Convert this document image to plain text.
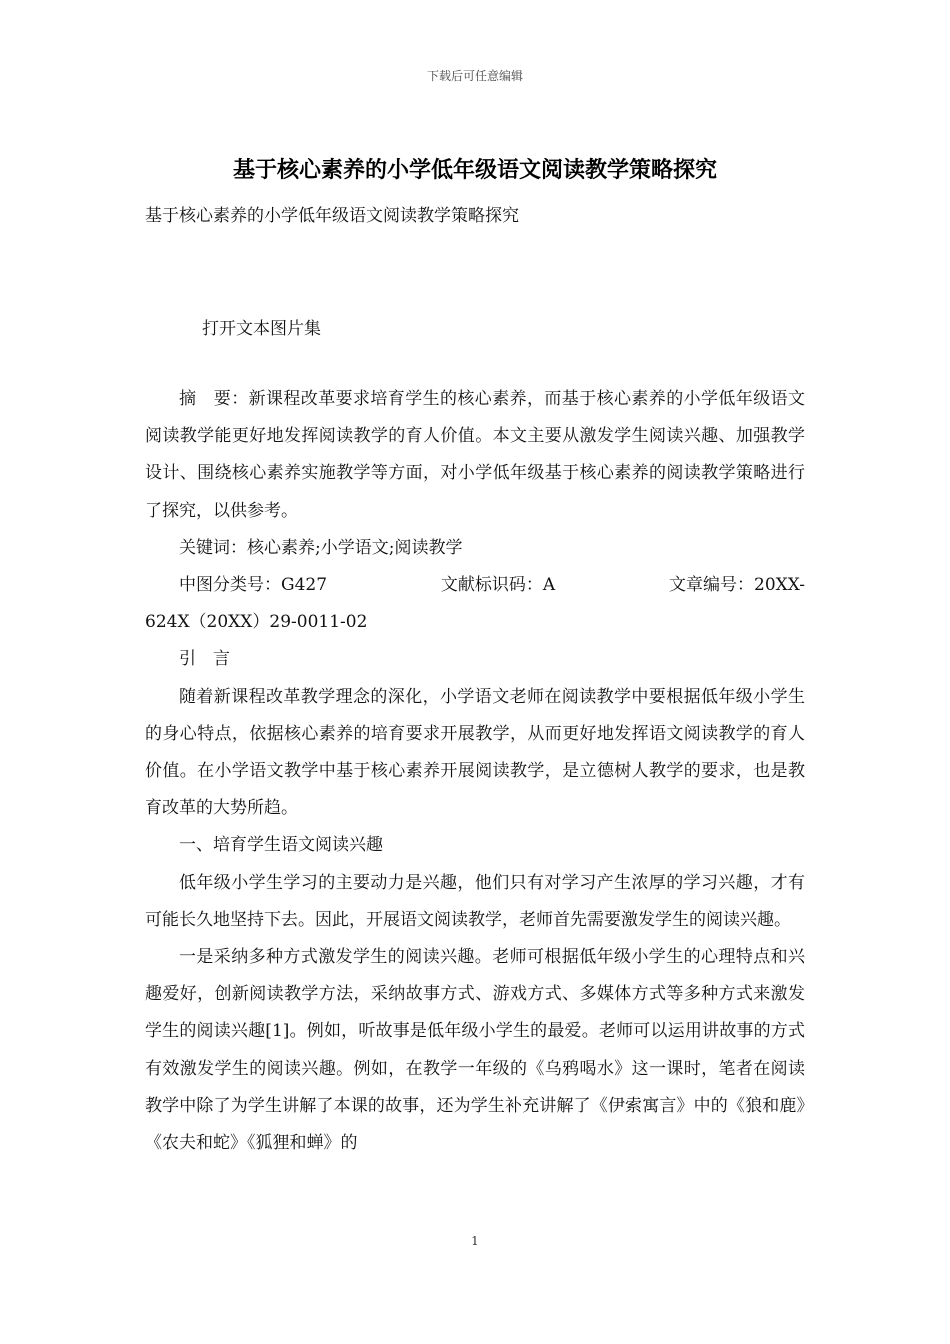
下载后可任意编辑
基于核心素养的小学低年级语文阅读教学策略探究
基于核心素养的小学低年级语文阅读教学策略探究
打开文本图片集

摘　要：新课程改革要求培育学生的核心素养，而基于核心素养的小学低年级语文阅读教学能更好地发挥阅读教学的育人价值。本文主要从激发学生阅读兴趣、加强教学设计、围绕核心素养实施教学等方面，对小学低年级基于核心素养的阅读教学策略进行了探究，以供参考。

关键词：核心素养;小学语文;阅读教学

中图分类号：G427	文献标识码：A	文章编号：20XX-

624X（20XX）29-0011-02

引　言

随着新课程改革教学理念的深化，小学语文老师在阅读教学中要根据低年级小学生的身心特点，依据核心素养的培育要求开展教学，从而更好地发挥语文阅读教学的育人价值。在小学语文教学中基于核心素养开展阅读教学，是立德树人教学的要求，也是教育改革的大势所趋。

一、培育学生语文阅读兴趣

低年级小学生学习的主要动力是兴趣，他们只有对学习产生浓厚的学习兴趣，才有可能长久地坚持下去。因此，开展语文阅读教学，老师首先需要激发学生的阅读兴趣。

一是采纳多种方式激发学生的阅读兴趣。老师可根据低年级小学生的心理特点和兴趣爱好，创新阅读教学方法，采纳故事方式、游戏方式、多媒体方式等多种方式来激发学生的阅读兴趣[1]。例如，听故事是低年级小学生的最爱。老师可以运用讲故事的方式有效激发学生的阅读兴趣。例如，在教学一年级的《乌鸦喝水》这一课时，笔者在阅读教学中除了为学生讲解了本课的故事，还为学生补充讲解了《伊索寓言》中的《狼和鹿》《农夫和蛇》《狐狸和蝉》的

1
